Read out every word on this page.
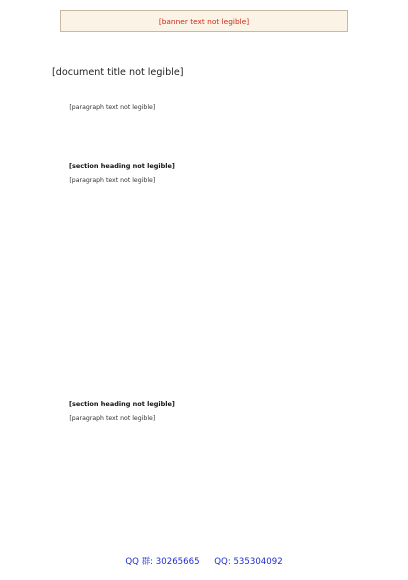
[banner text not legible]
[document title not legible]

[paragraph text not legible]

[section heading not legible]

[paragraph text not legible]

[section heading not legible]

[paragraph text not legible]

QQ 群: 30265665 QQ: 535304092
